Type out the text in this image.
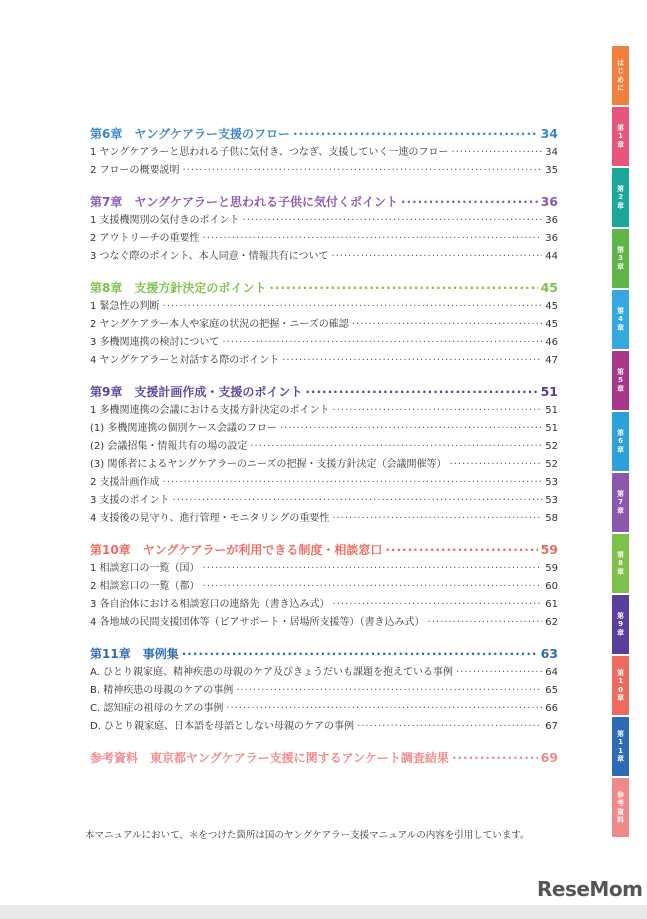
第6章　ヤングケアラー支援のフロー ·····	34
1 ヤングケアラーと思われる子供に気付き、つなぎ、支援していく一連のフロー ·····	34
2 フローの概要説明 ·····	35
第7章　ヤングケアラーと思われる子供に気付くポイント ·····	36
1 支援機関別の気付きのポイント ·····	36
2 アウトリーチの重要性 ·····	36
3 つなぐ際のポイント、本人同意・情報共有について ·····	44
第8章　支援方針決定のポイント ·····	45
1 緊急性の判断 ·····	45
2 ヤングケアラー本人や家庭の状況の把握・ニーズの確認 ·····	45
3 多機関連携の検討について ·····	46
4 ヤングケアラーと対話する際のポイント ·····	47
第9章　支援計画作成・支援のポイント ·····	51
1 多機関連携の会議における支援方針決定のポイント ·····	51
(1) 多機関連携の個別ケース会議のフロー ·····	51
(2) 会議招集・情報共有の場の設定 ·····	52
(3) 関係者によるヤングケアラーのニーズの把握・支援方針決定（会議開催等） ·····	52
2 支援計画作成 ·····	53
3 支援のポイント ·····	53
4 支援後の見守り、進行管理・モニタリングの重要性 ·····	58
第10章　ヤングケアラーが利用できる制度・相談窓口 ·····	59
1 相談窓口の一覧（国） ·····	59
2 相談窓口の一覧（都） ·····	60
3 各自治体における相談窓口の連絡先（書き込み式） ·····	61
4 各地域の民間支援団体等（ピアサポート・居場所支援等）（書き込み式） ·····	62
第11章　事例集 ·····	63
A. ひとり親家庭、精神疾患の母親のケア及びきょうだいも課題を抱えている事例 ·····	64
B. 精神疾患の母親のケアの事例 ·····	65
C. 認知症の祖母のケアの事例 ·····	66
D. ひとり親家庭、日本語を母語としない母親のケアの事例 ·····	67
参考資料　東京都ヤングケアラー支援に関するアンケート調査結果 ·····	69
本マニュアルにおいて、＊をつけた箇所は国のヤングケアラー支援マニュアルの内容を引用しています。
はじめに
第1章
第2章
第3章
第4章
第5章
第6章
第7章
第8章
第9章
第10章
第11章
参考資料
ReseMom
